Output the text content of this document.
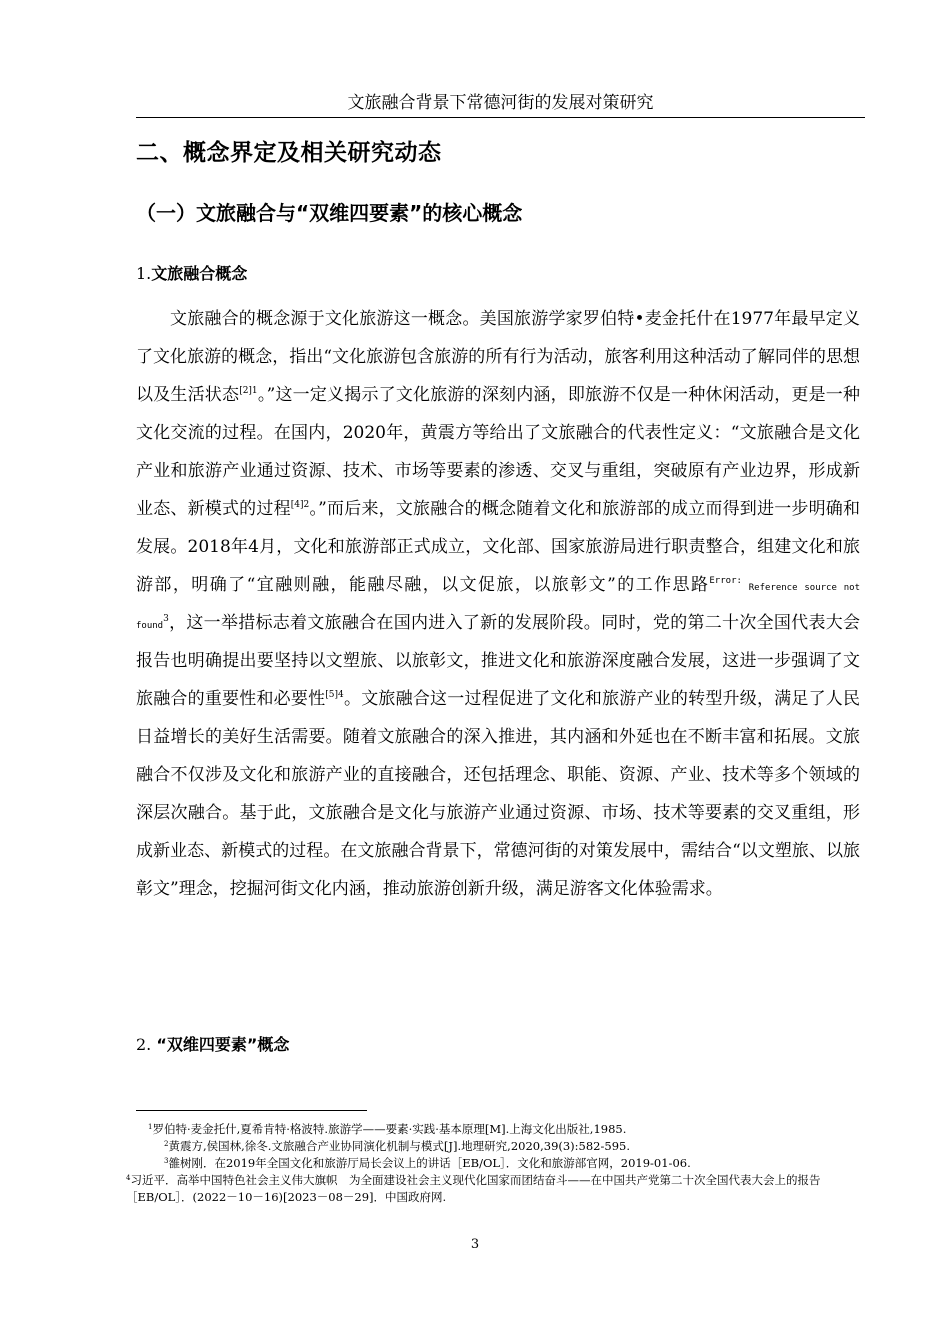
文旅融合背景下常德河街的发展对策研究
二、概念界定及相关研究动态
（一）文旅融合与“双维四要素”的核心概念
1.文旅融合概念

文旅融合的概念源于文化旅游这一概念。美国旅游学家罗伯特•麦金托什在1977年最早定义了文化旅游的概念，指出“文化旅游包含旅游的所有行为活动，旅客利用这种活动了解同伴的思想以及生活状态$^{[2]1}$。”这一定义揭示了文化旅游的深刻内涵，即旅游不仅是一种休闲活动，更是一种文化交流的过程。在国内，2020年，黄震方等给出了文旅融合的代表性定义：“文旅融合是文化产业和旅游产业通过资源、技术、市场等要素的渗透、交叉与重组，突破原有产业边界，形成新业态、新模式的过程$^{[4]2}$。”而后来，文旅融合的概念随着文化和旅游部的成立而得到进一步明确和发展。2018年4月，文化和旅游部正式成立，文化部、国家旅游局进行职责整合，组建文化和旅游部，明确了“宜融则融，能融尽融，以文促旅，以旅彰文”的工作思路$^{Error:}$ Reference source not found$^3$，这一举措标志着文旅融合在国内进入了新的发展阶段。同时，党的第二十次全国代表大会报告也明确提出要坚持以文塑旅、以旅彰文，推进文化和旅游深度融合发展，这进一步强调了文旅融合的重要性和必要性$^{[5]4}$。文旅融合这一过程促进了文化和旅游产业的转型升级，满足了人民日益增长的美好生活需要。随着文旅融合的深入推进，其内涵和外延也在不断丰富和拓展。文旅融合不仅涉及文化和旅游产业的直接融合，还包括理念、职能、资源、产业、技术等多个领域的深层次融合。基于此，文旅融合是文化与旅游产业通过资源、市场、技术等要素的交叉重组，形成新业态、新模式的过程。在文旅融合背景下，常德河街的对策发展中，需结合“以文塑旅、以旅彰文”理念，挖掘河街文化内涵，推动旅游创新升级，满足游客文化体验需求。

2. “双维四要素”概念

$^1$罗伯特·麦金托什,夏希肯特·格波特.旅游学——要素·实践·基本原理[M].上海文化出版社,1985.

$^2$黄震方,侯国林,徐冬.文旅融合产业协同演化机制与模式[J].地理研究,2020,39(3):582-595.

$^3$雒树刚．在2019年全国文化和旅游厅局长会议上的讲话［EB/OL］．文化和旅游部官网，2019-01-06.

$^4$习近平．高举中国特色社会主义伟大旗帜　为全面建设社会主义现代化国家而团结奋斗——在中国共产党第二十次全国代表大会上的报告［EB/OL］．(2022－10－16)[2023－08－29]．中国政府网.

3
